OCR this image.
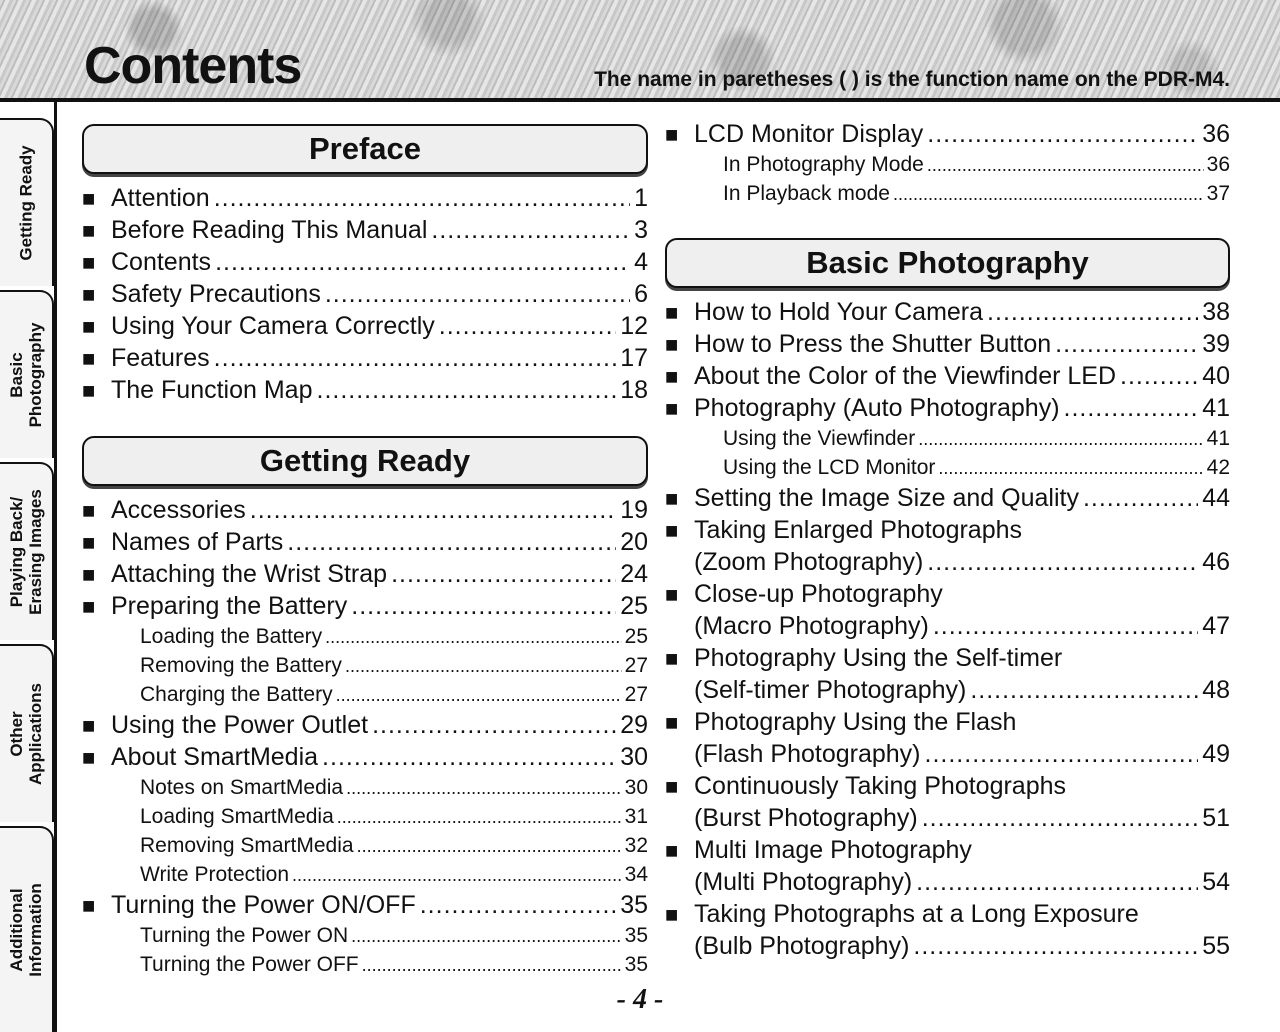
Contents	The name in paretheses ( ) is the function name on the PDR-M4.
Getting Ready
Basic
Photography
Playing Back/
Erasing Images
Other
Applications
Additional
Information
Preface
■ Attention .....	1
■ Before Reading This Manual .....	3
■ Contents .....	4
■ Safety Precautions .....	6
■ Using Your Camera Correctly .....	12
■ Features .....	17
■ The Function Map .....	18
Getting Ready
■ Accessories .....	19
■ Names of Parts .....	20
■ Attaching the Wrist Strap .....	24
■ Preparing the Battery .....	25
Loading the Battery .....	25
Removing the Battery .....	27
Charging the Battery .....	27
■ Using the Power Outlet .....	29
■ About SmartMedia .....	30
Notes on SmartMedia .....	30
Loading SmartMedia .....	31
Removing SmartMedia .....	32
Write Protection .....	34
■ Turning the Power ON/OFF .....	35
Turning the Power ON .....	35
Turning the Power OFF .....	35
■ LCD Monitor Display .....	36
In Photography Mode .....	36
In Playback mode .....	37
Basic Photography
■ How to Hold Your Camera .....	38
■ How to Press the Shutter Button .....	39
■ About the Color of the Viewfinder LED .....	40
■ Photography (Auto Photography) .....	41
Using the Viewfinder .....	41
Using the LCD Monitor .....	42
■ Setting the Image Size and Quality .....	44
■ Taking Enlarged Photographs
(Zoom Photography) .....	46
■ Close-up Photography
(Macro Photography) .....	47
■ Photography Using the Self-timer
(Self-timer Photography) .....	48
■ Photography Using the Flash
(Flash Photography) .....	49
■ Continuously Taking Photographs
(Burst Photography) .....	51
■ Multi Image Photography
(Multi Photography) .....	54
■ Taking Photographs at a Long Exposure
(Bulb Photography) .....	55
- 4 -
